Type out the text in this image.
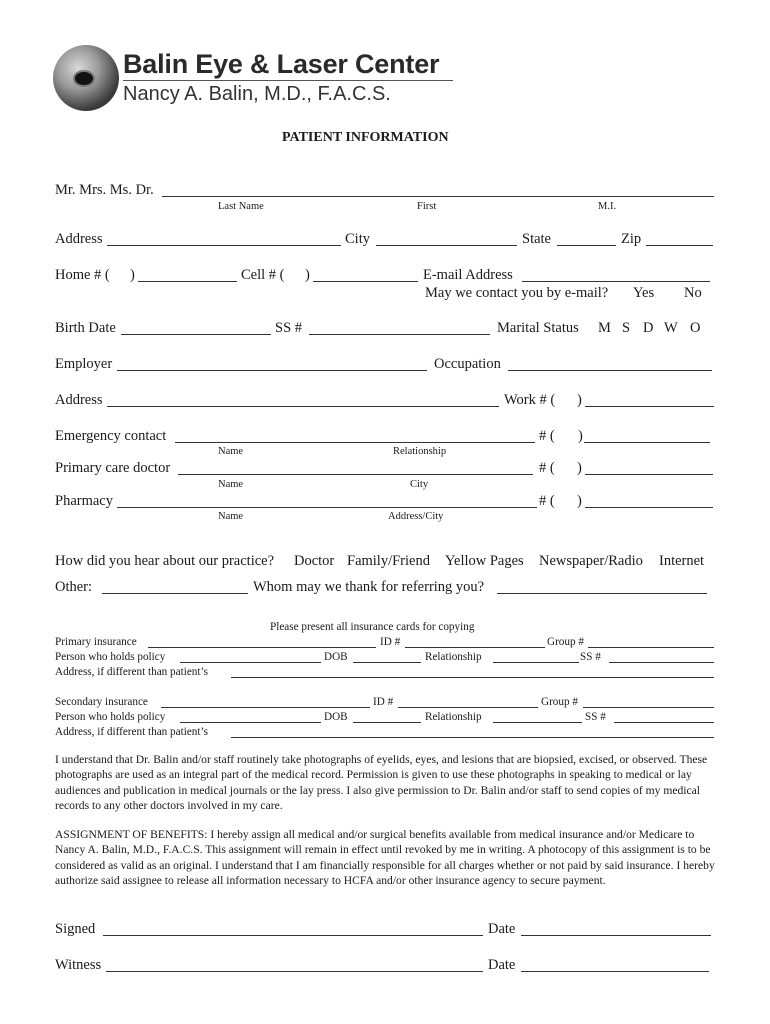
Balin Eye & Laser Center
Nancy A. Balin, M.D., F.A.C.S.
PATIENT INFORMATION
Mr. Mrs. Ms. Dr.
Last Name	First	M.I.
Address	City	State	Zip
Home # ( )	Cell # ( )	E-mail Address
May we contact you by e-mail? Yes No
Birth Date	SS #	Marital Status M S D W O
Employer	Occupation
Address	Work # ( )
Emergency contact	# ( )
Name	Relationship
Primary care doctor	# ( )
Name	City
Pharmacy	# ( )
Name	Address/City
How did you hear about our practice? Doctor Family/Friend Yellow Pages Newspaper/Radio Internet
Other:	Whom may we thank for referring you?
Please present all insurance cards for copying
Primary insurance	ID #	Group #
Person who holds policy	DOB	Relationship	SS #
Address, if different than patient’s
Secondary insurance	ID #	Group #
Person who holds policy	DOB	Relationship	SS #
Address, if different than patient’s
I understand that Dr. Balin and/or staff routinely take photographs of eyelids, eyes, and lesions that are biopsied, excised, or observed. These photographs are used as an integral part of the medical record. Permission is given to use these photographs in speaking to medical or lay audiences and publication in medical journals or the lay press. I also give permission to Dr. Balin and/or staff to send copies of my medical records to any other doctors involved in my care.
ASSIGNMENT OF BENEFITS: I hereby assign all medical and/or surgical benefits available from medical insurance and/or Medicare to Nancy A. Balin, M.D., F.A.C.S. This assignment will remain in effect until revoked by me in writing. A photocopy of this assignment is to be considered as valid as an original. I understand that I am financially responsible for all charges whether or not paid by said insurance. I hereby authorize said assignee to release all information necessary to HCFA and/or other insurance agency to secure payment.
Signed	Date
Witness	Date
